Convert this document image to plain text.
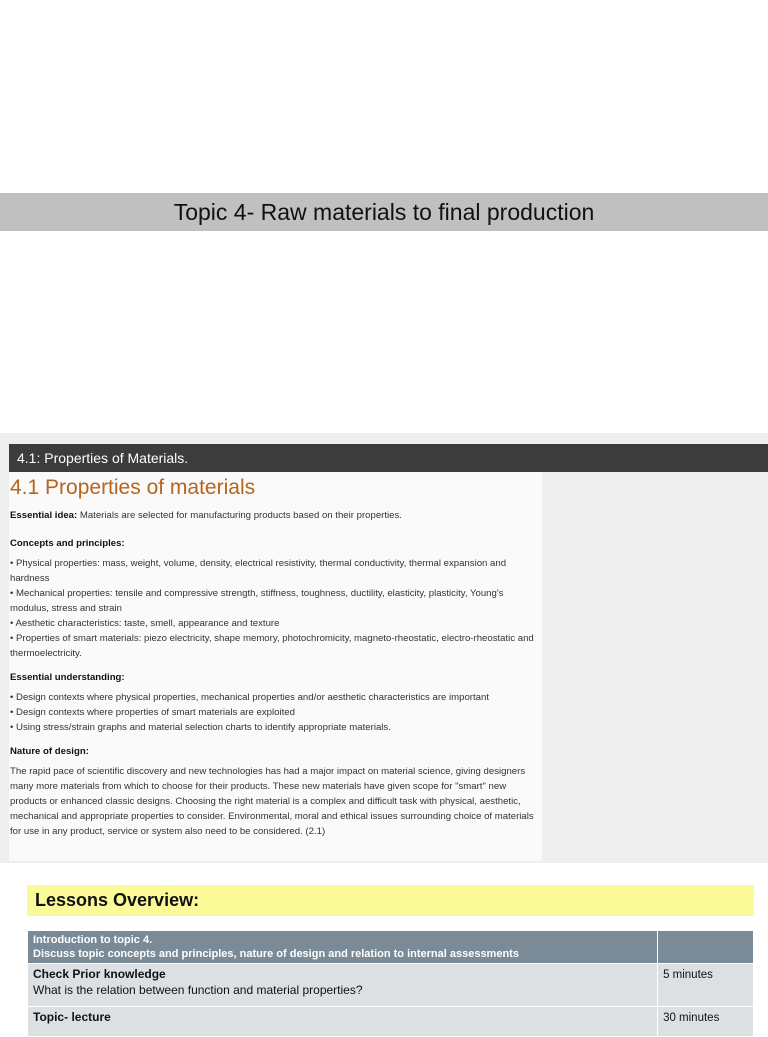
Topic 4- Raw materials to final production
4.1: Properties of Materials.
4.1 Properties of materials

Essential idea: Materials are selected for manufacturing products based on their properties.

Concepts and principles:
• Physical properties: mass, weight, volume, density, electrical resistivity, thermal conductivity, thermal expansion and hardness
• Mechanical properties: tensile and compressive strength, stiffness, toughness, ductility, elasticity, plasticity, Young's modulus, stress and strain
• Aesthetic characteristics: taste, smell, appearance and texture
• Properties of smart materials: piezo electricity, shape memory, photochromicity, magneto-rheostatic, electro-rheostatic and thermoelectricity.
Essential understanding:
• Design contexts where physical properties, mechanical properties and/or aesthetic characteristics are important
• Design contexts where properties of smart materials are exploited
• Using stress/strain graphs and material selection charts to identify appropriate materials.
Nature of design:

The rapid pace of scientific discovery and new technologies has had a major impact on material science, giving designers many more materials from which to choose for their products. These new materials have given scope for "smart" new products or enhanced classic designs. Choosing the right material is a complex and difficult task with physical, aesthetic, mechanical and appropriate properties to consider. Environmental, moral and ethical issues surrounding choice of materials for use in any product, service or system also need to be considered. (2.1)

Lessons Overview:
Introduction to topic 4.
Discuss topic concepts and principles, nature of design and relation to internal assessments	

Check Prior knowledge
What is the relation between function and material properties?	5 minutes

Topic- lecture	30 minutes
